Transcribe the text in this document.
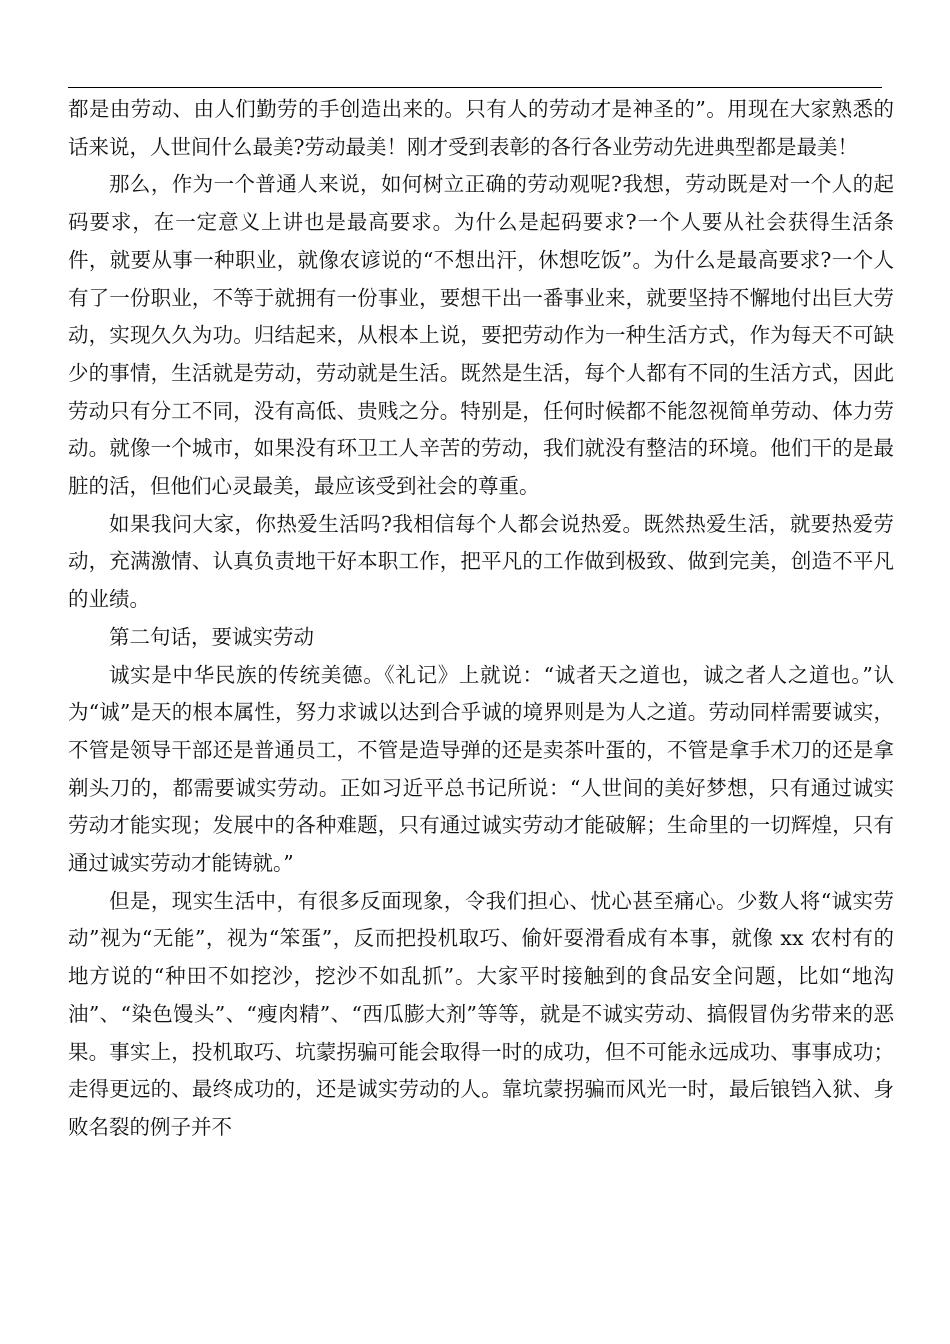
都是由劳动、由人们勤劳的手创造出来的。只有人的劳动才是神圣的”。用现在大家熟悉的话来说，人世间什么最美?劳动最美！刚才受到表彰的各行各业劳动先进典型都是最美！

那么，作为一个普通人来说，如何树立正确的劳动观呢?我想，劳动既是对一个人的起码要求，在一定意义上讲也是最高要求。为什么是起码要求?一个人要从社会获得生活条件，就要从事一种职业，就像农谚说的“不想出汗，休想吃饭”。为什么是最高要求?一个人有了一份职业，不等于就拥有一份事业，要想干出一番事业来，就要坚持不懈地付出巨大劳动，实现久久为功。归结起来，从根本上说，要把劳动作为一种生活方式，作为每天不可缺少的事情，生活就是劳动，劳动就是生活。既然是生活，每个人都有不同的生活方式，因此劳动只有分工不同，没有高低、贵贱之分。特别是，任何时候都不能忽视简单劳动、体力劳动。就像一个城市，如果没有环卫工人辛苦的劳动，我们就没有整洁的环境。他们干的是最脏的活，但他们心灵最美，最应该受到社会的尊重。

如果我问大家，你热爱生活吗?我相信每个人都会说热爱。既然热爱生活，就要热爱劳动，充满激情、认真负责地干好本职工作，把平凡的工作做到极致、做到完美，创造不平凡的业绩。

第二句话，要诚实劳动

诚实是中华民族的传统美德。《礼记》上就说：“诚者天之道也，诚之者人之道也。”认为“诚”是天的根本属性，努力求诚以达到合乎诚的境界则是为人之道。劳动同样需要诚实，不管是领导干部还是普通员工，不管是造导弹的还是卖茶叶蛋的，不管是拿手术刀的还是拿剃头刀的，都需要诚实劳动。正如习近平总书记所说：“人世间的美好梦想，只有通过诚实劳动才能实现；发展中的各种难题，只有通过诚实劳动才能破解；生命里的一切辉煌，只有通过诚实劳动才能铸就。”

但是，现实生活中，有很多反面现象，令我们担心、忧心甚至痛心。少数人将“诚实劳动”视为“无能”，视为“笨蛋”，反而把投机取巧、偷奸耍滑看成有本事，就像 xx 农村有的地方说的“种田不如挖沙，挖沙不如乱抓”。大家平时接触到的食品安全问题，比如“地沟油”、“染色馒头”、“瘦肉精”、“西瓜膨大剂”等等，就是不诚实劳动、搞假冒伪劣带来的恶果。事实上，投机取巧、坑蒙拐骗可能会取得一时的成功，但不可能永远成功、事事成功；走得更远的、最终成功的，还是诚实劳动的人。靠坑蒙拐骗而风光一时，最后锒铛入狱、身败名裂的例子并不
